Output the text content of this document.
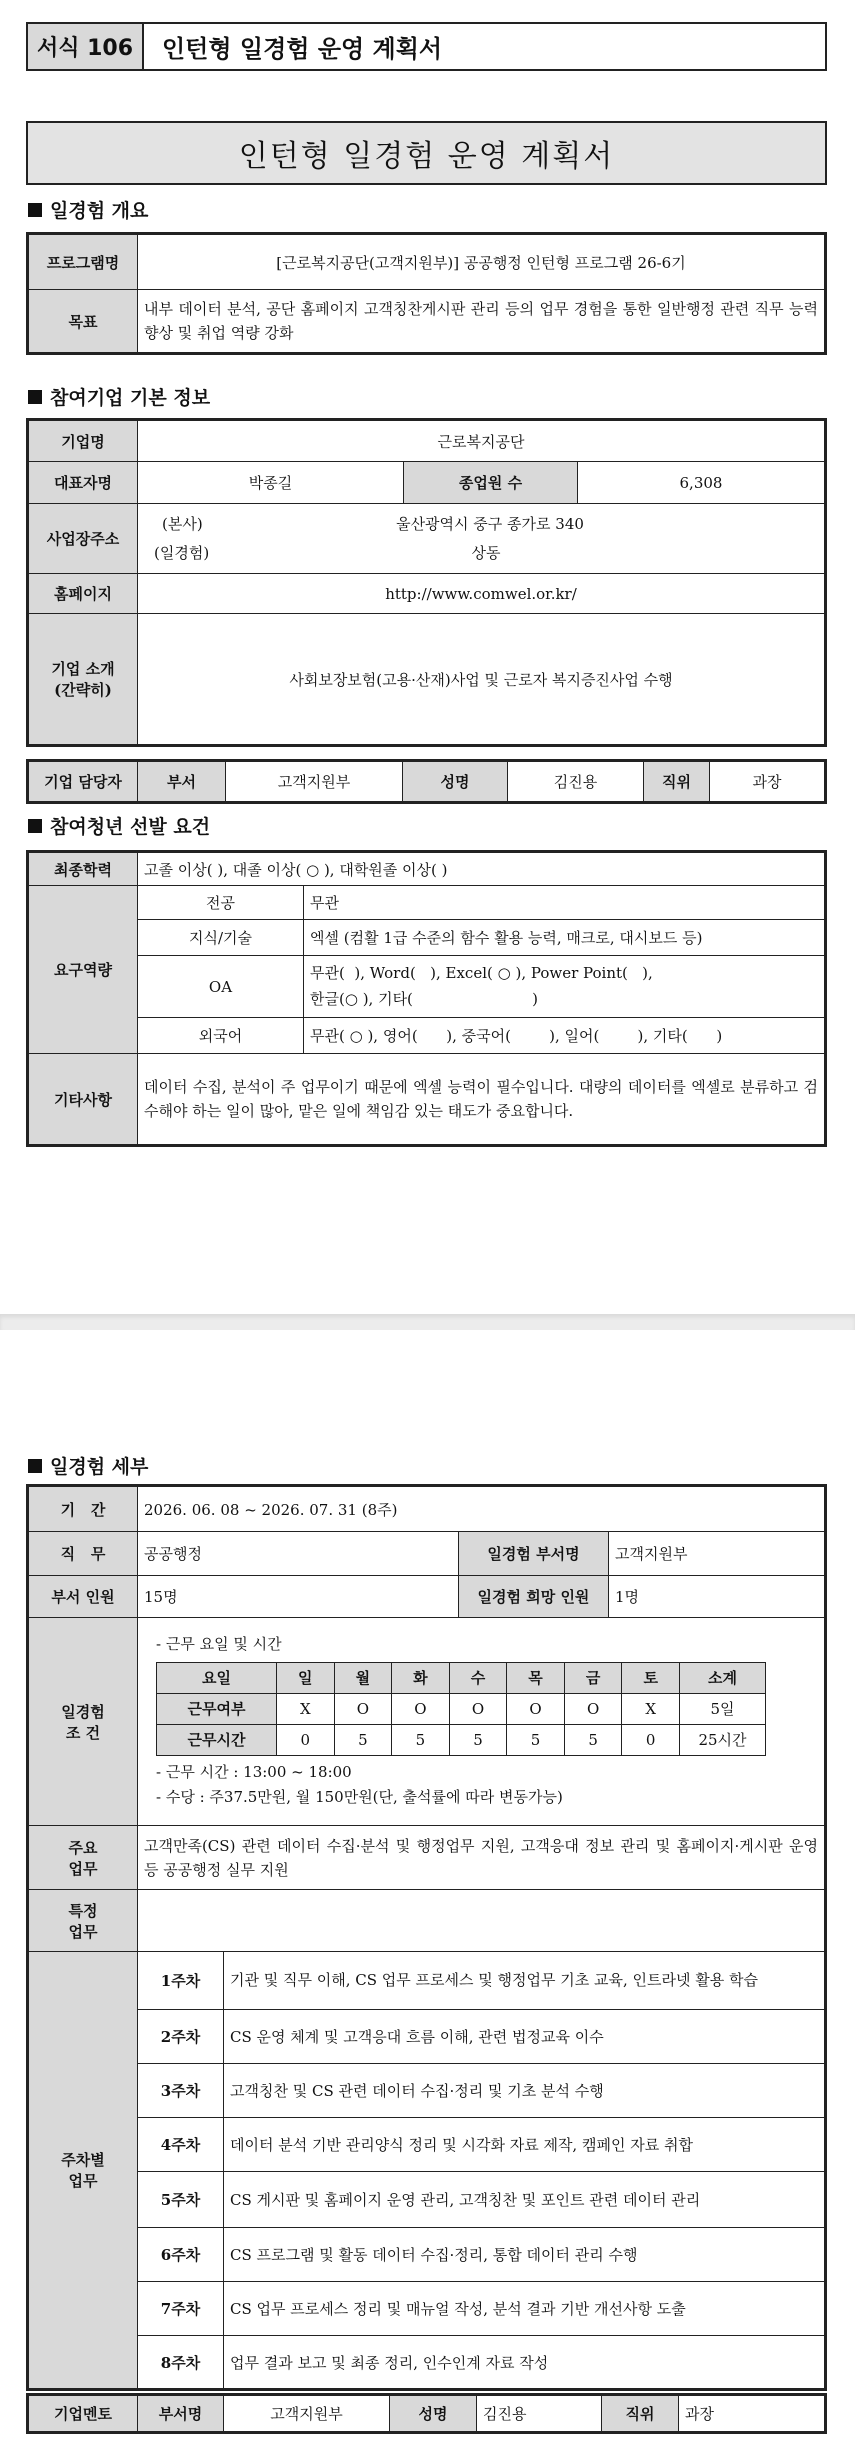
서식 106	인턴형 일경험 운영 계획서
인턴형 일경험 운영 계획서
일경험 개요
프로그램명	[근로복지공단(고객지원부)] 공공행정 인턴형 프로그램 26-6기
목표	내부 데이터 분석, 공단 홈페이지 고객칭찬게시판 관리 등의 업무 경험을 통한 일반행정 관련 직무 능력 향상 및 취업 역량 강화
참여기업 기본 정보
기업명	근로복지공단		
대표자명	박종길	종업원 수	6,308
사업장주소	(본사) 울산광역시 중구 종가로 340
(일경험) 상동		

홈페이지	http://www.comwel.or.kr/		

기업 소개
(간략히)	사회보장보험(고용·산재)사업 및 근로자 복지증진사업 수행		
기업 담당자	부서	고객지원부	성명	김진용	직위	과장
참여청년 선발 요건
최종학력	고졸 이상( ), 대졸 이상( ○ ), 대학원졸 이상( )	
요구역량	전공	무관
	지식/기술	엑셀 (컴활 1급 수준의 함수 활용 능력, 매크로, 대시보드 등)
	OA	무관(  ), Word(   ), Excel( ○ ), Power Point(   ),
한글(○ ), 기타(                         )

	외국어	무관( ○ ), 영어(      ), 중국어(        ), 일어(        ), 기타(      )
기타사항	데이터 수집, 분석이 주 업무이기 때문에 엑셀 능력이 필수입니다. 대량의 데이터를 엑셀로 분류하고 검수해야 하는 일이 많아, 맡은 일에 책임감 있는 태도가 중요합니다.	
일경험 세부
기   간	2026. 06. 08 ~ 2026. 07. 31 (8주)
직   무	공공행정	일경험 부서명	고객지원부
부서 인원	15명	일경험 희망 인원	1명

일경험
조 건

- 근무 요일 및 시간
요일	일	월	화	수	목	금	토	소계
근무여부	X	O	O	O	O	O	X	5일
근무시간	0	5	5	5	5	5	0	25시간
- 근무 시간 : 13:00 ~ 18:00
- 수당 : 주37.5만원, 월 150만원(단, 출석률에 따라 변동가능)

주요
업무
	고객만족(CS) 관련 데이터 수집·분석 및 행정업무 지원, 고객응대 정보 관리 및 홈페이지·게시판 운영 등 공공행정 실무 지원

특정
업무

주차별
업무
	1주차	기관 및 직무 이해, CS 업무 프로세스 및 행정업무 기초 교육, 인트라넷 활용 학습
2주차	CS 운영 체계 및 고객응대 흐름 이해, 관련 법정교육 이수
3주차	고객칭찬 및 CS 관련 데이터 수집·정리 및 기초 분석 수행
4주차	데이터 분석 기반 관리양식 정리 및 시각화 자료 제작, 캠페인 자료 취합
5주차	CS 게시판 및 홈페이지 운영 관리, 고객칭찬 및 포인트 관련 데이터 관리
6주차	CS 프로그램 및 활동 데이터 수집·정리, 통합 데이터 관리 수행
7주차	CS 업무 프로세스 정리 및 매뉴얼 작성, 분석 결과 기반 개선사항 도출
8주차	업무 결과 보고 및 최종 정리, 인수인계 자료 작성
기업멘토	부서명	고객지원부	성명	김진용	직위	과장
